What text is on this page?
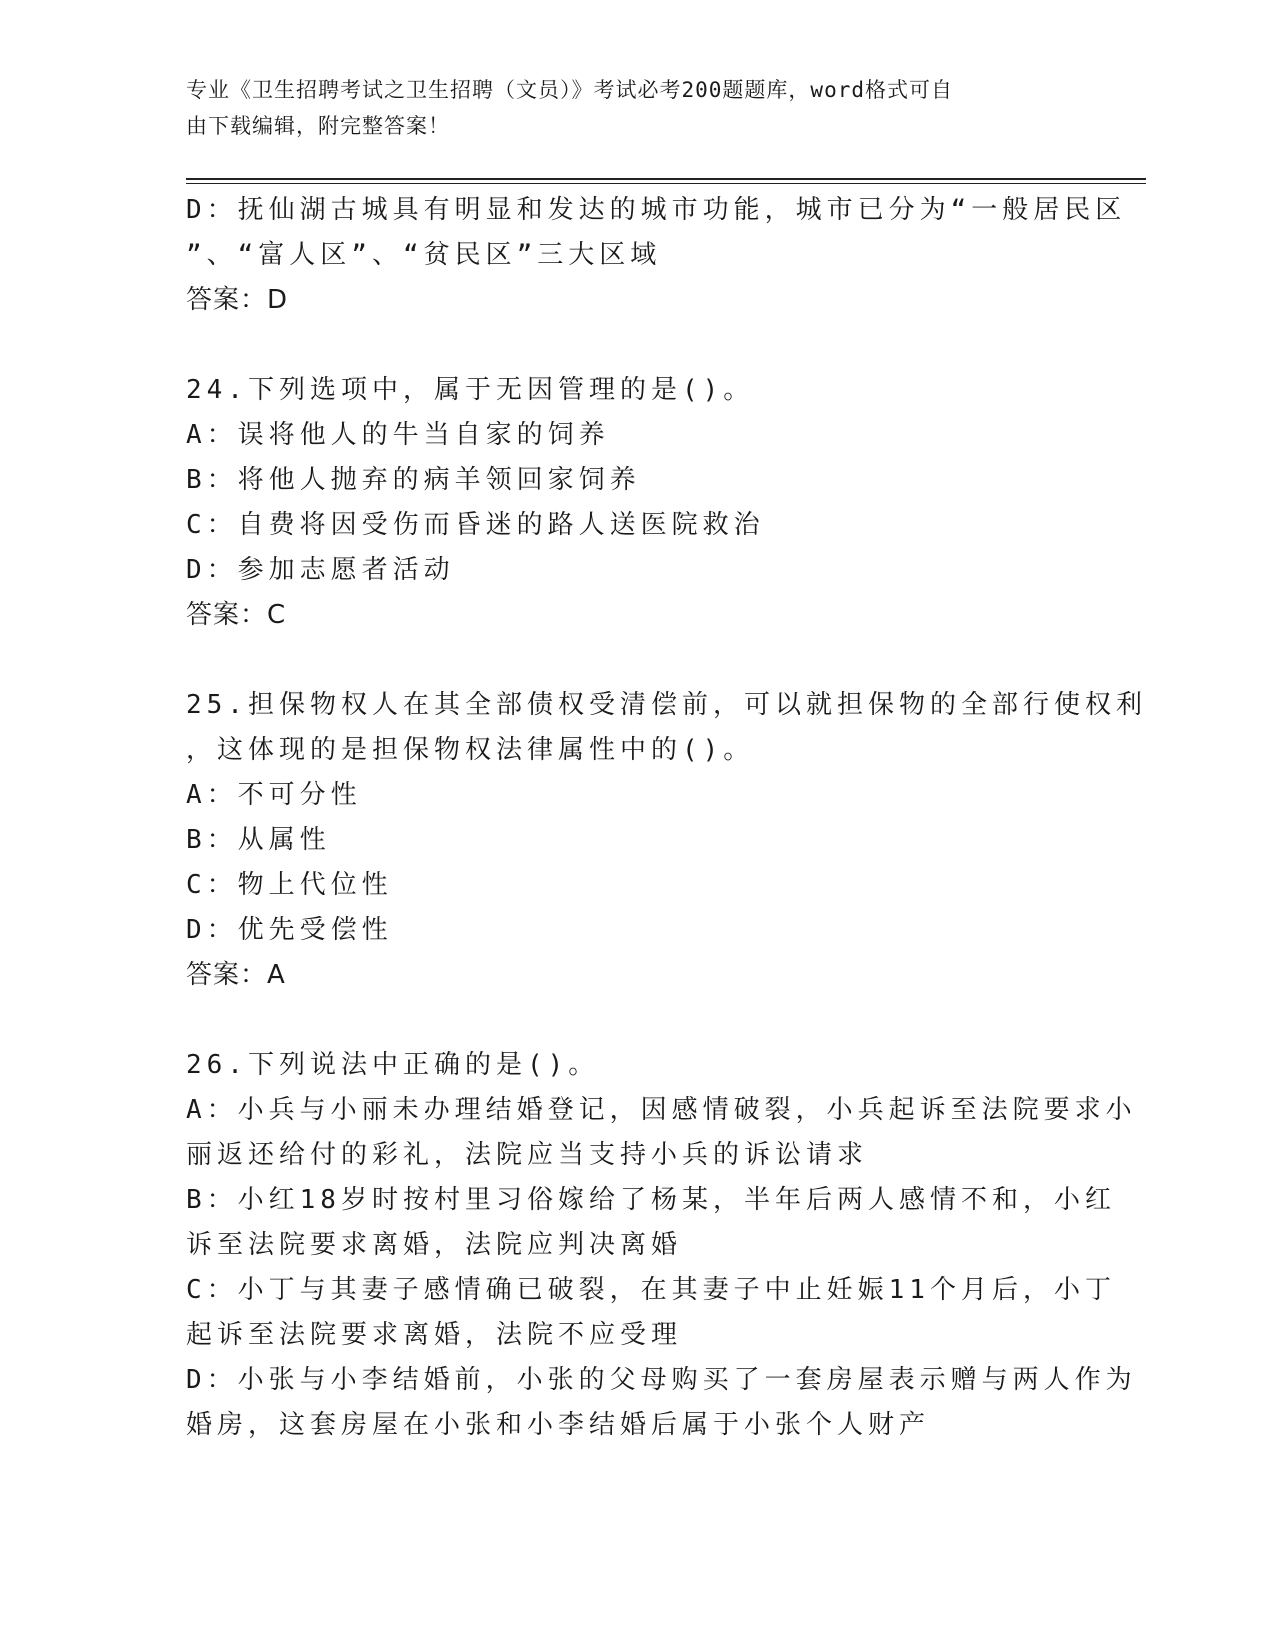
专业《卫生招聘考试之卫生招聘（文员）》考试必考200题题库，word格式可自
由下载编辑，附完整答案！
D：抚仙湖古城具有明显和发达的城市功能，城市已分为“一般居民区
”、“富人区”、“贫民区”三大区域
答案：D
24.下列选项中，属于无因管理的是()。
A：误将他人的牛当自家的饲养
B：将他人抛弃的病羊领回家饲养
C：自费将因受伤而昏迷的路人送医院救治
D：参加志愿者活动
答案：C
25.担保物权人在其全部债权受清偿前，可以就担保物的全部行使权利
，这体现的是担保物权法律属性中的()。
A：不可分性
B：从属性
C：物上代位性
D：优先受偿性
答案：A
26.下列说法中正确的是()。
A：小兵与小丽未办理结婚登记，因感情破裂，小兵起诉至法院要求小
丽返还给付的彩礼，法院应当支持小兵的诉讼请求
B：小红18岁时按村里习俗嫁给了杨某，半年后两人感情不和，小红
诉至法院要求离婚，法院应判决离婚
C：小丁与其妻子感情确已破裂，在其妻子中止妊娠11个月后，小丁
起诉至法院要求离婚，法院不应受理
D：小张与小李结婚前，小张的父母购买了一套房屋表示赠与两人作为
婚房，这套房屋在小张和小李结婚后属于小张个人财产
